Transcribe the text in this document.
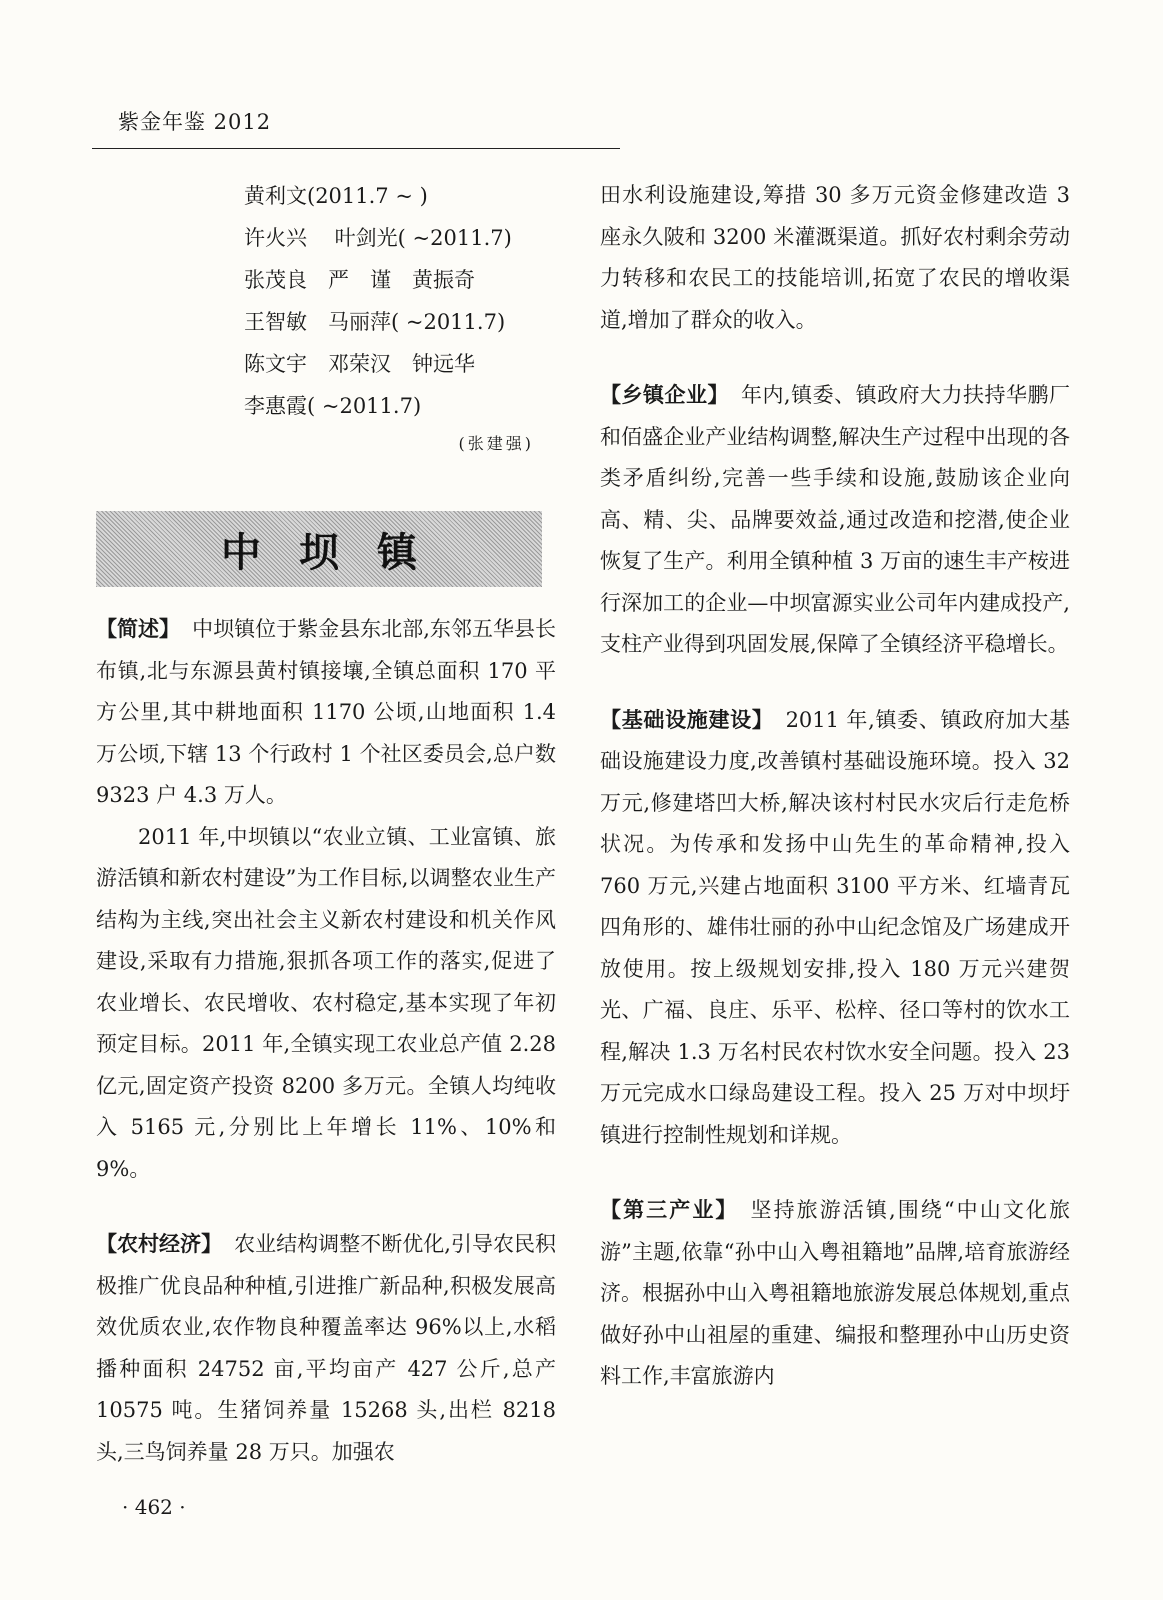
紫金年鉴 2012
黄利文(2011.7 ~ )
许火兴　 叶剑光( ~2011.7)
张茂良　严　谨　黄振奇
王智敏　马丽萍( ~2011.7)
陈文宇　邓荣汉　钟远华
李惠霞( ~2011.7)
(张建强)
中坝镇

【简述】 中坝镇位于紫金县东北部,东邻五华县长布镇,北与东源县黄村镇接壤,全镇总面积 170 平方公里,其中耕地面积 1170 公顷,山地面积 1.4 万公顷,下辖 13 个行政村 1 个社区委员会,总户数 9323 户 4.3 万人。

2011 年,中坝镇以“农业立镇、工业富镇、旅游活镇和新农村建设”为工作目标,以调整农业生产结构为主线,突出社会主义新农村建设和机关作风建设,采取有力措施,狠抓各项工作的落实,促进了农业增长、农民增收、农村稳定,基本实现了年初预定目标。2011 年,全镇实现工农业总产值 2.28 亿元,固定资产投资 8200 多万元。全镇人均纯收入 5165 元,分别比上年增长 11%、10%和 9%。

【农村经济】 农业结构调整不断优化,引导农民积极推广优良品种种植,引进推广新品种,积极发展高效优质农业,农作物良种覆盖率达 96%以上,水稻播种面积 24752 亩,平均亩产 427 公斤,总产 10575 吨。生猪饲养量 15268 头,出栏 8218 头,三鸟饲养量 28 万只。加强农

田水利设施建设,筹措 30 多万元资金修建改造 3 座永久陂和 3200 米灌溉渠道。抓好农村剩余劳动力转移和农民工的技能培训,拓宽了农民的增收渠道,增加了群众的收入。

【乡镇企业】 年内,镇委、镇政府大力扶持华鹏厂和佰盛企业产业结构调整,解决生产过程中出现的各类矛盾纠纷,完善一些手续和设施,鼓励该企业向高、精、尖、品牌要效益,通过改造和挖潜,使企业恢复了生产。利用全镇种植 3 万亩的速生丰产桉进行深加工的企业—中坝富源实业公司年内建成投产,支柱产业得到巩固发展,保障了全镇经济平稳增长。

【基础设施建设】 2011 年,镇委、镇政府加大基础设施建设力度,改善镇村基础设施环境。投入 32 万元,修建塔凹大桥,解决该村村民水灾后行走危桥状况。为传承和发扬中山先生的革命精神,投入 760 万元,兴建占地面积 3100 平方米、红墙青瓦四角形的、雄伟壮丽的孙中山纪念馆及广场建成开放使用。按上级规划安排,投入 180 万元兴建贺光、广福、良庄、乐平、松梓、径口等村的饮水工程,解决 1.3 万名村民农村饮水安全问题。投入 23 万元完成水口绿岛建设工程。投入 25 万对中坝圩镇进行控制性规划和详规。

【第三产业】 坚持旅游活镇,围绕“中山文化旅游”主题,依靠“孙中山入粤祖籍地”品牌,培育旅游经济。根据孙中山入粤祖籍地旅游发展总体规划,重点做好孙中山祖屋的重建、编报和整理孙中山历史资料工作,丰富旅游内

· 462 ·
